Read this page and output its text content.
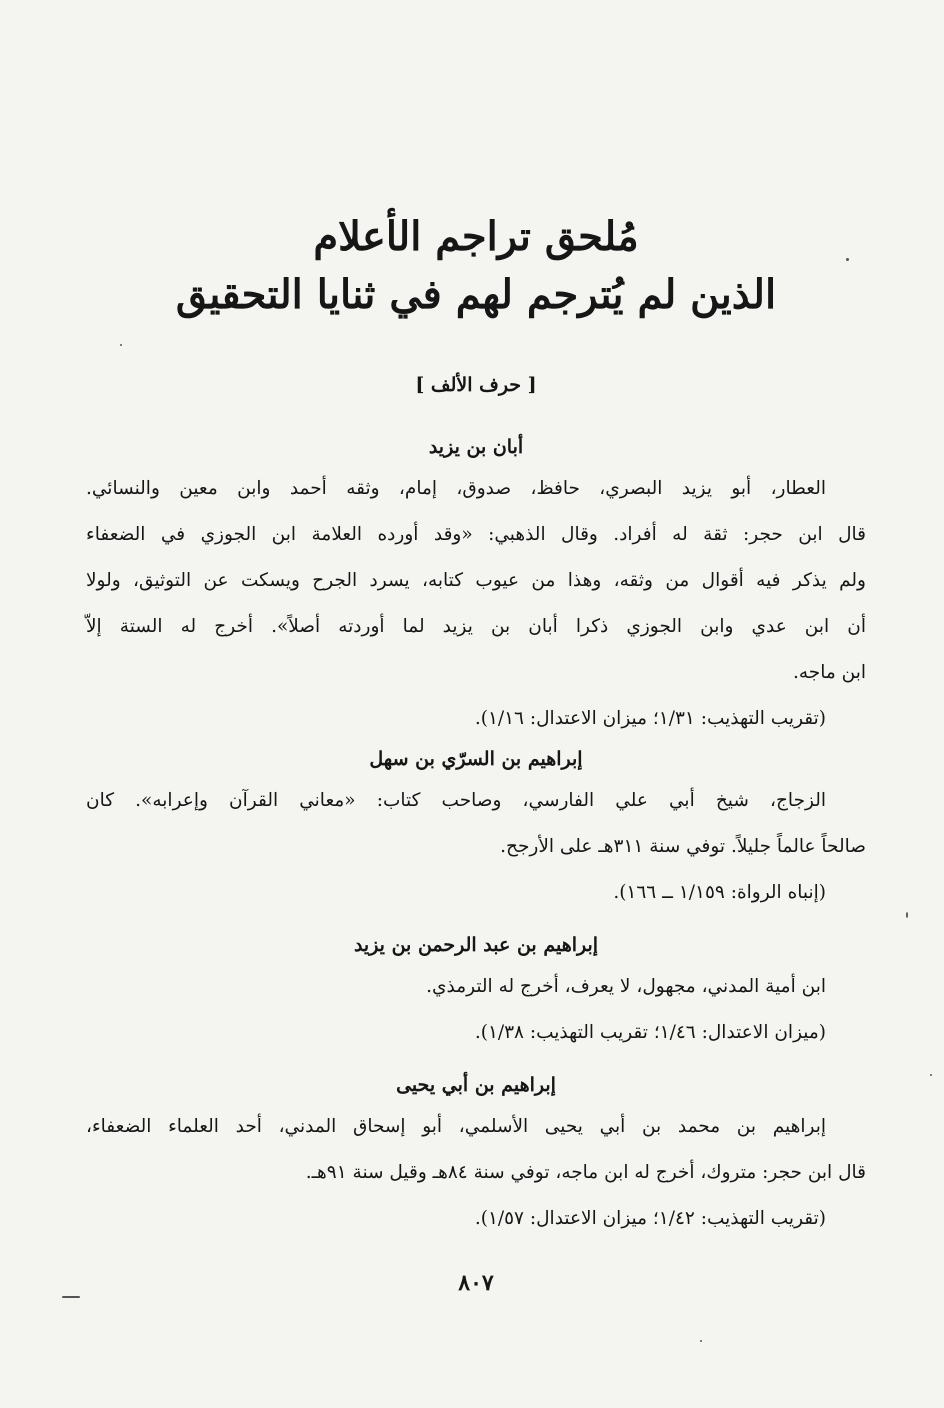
مُلحق تراجم الأعلام
الذين لم يُترجم لهم في ثنايا التحقيق
[ حرف الألف ]
أبان بن يزيد

العطار، أبو يزيد البصري، حافظ، صدوق، إمام، وثقه أحمد وابن معين والنسائي.
قال ابن حجر: ثقة له أفراد. وقال الذهبي: «وقد أورده العلامة ابن الجوزي في الضعفاء
ولم يذكر فيه أقوال من وثقه، وهذا من عيوب كتابه، يسرد الجرح ويسكت عن التوثيق، ولولا
أن ابن عدي وابن الجوزي ذكرا أبان بن يزيد لما أوردته أصلاً». أخرج له الستة إلاّ
ابن ماجه.

(تقريب التهذيب: ١/٣١؛ ميزان الاعتدال: ١/١٦).

إبراهيم بن السرّي بن سهل

الزجاج، شيخ أبي علي الفارسي، وصاحب كتاب: «معاني القرآن وإعرابه». كان
صالحاً عالماً جليلاً. توفي سنة ٣١١هـ على الأرجح.

(إنباه الرواة: ١/١٥٩ ــ ١٦٦).

إبراهيم بن عبد الرحمن بن يزيد

ابن أمية المدني، مجهول، لا يعرف، أخرج له الترمذي.

(ميزان الاعتدال: ١/٤٦؛ تقريب التهذيب: ١/٣٨).

إبراهيم بن أبي يحيى

إبراهيم بن محمد بن أبي يحيى الأسلمي، أبو إسحاق المدني، أحد العلماء الضعفاء،
قال ابن حجر: متروك، أخرج له ابن ماجه، توفي سنة ٨٤هـ وقيل سنة ٩١هـ.

(تقريب التهذيب: ١/٤٢؛ ميزان الاعتدال: ١/٥٧).

٨٠٧
